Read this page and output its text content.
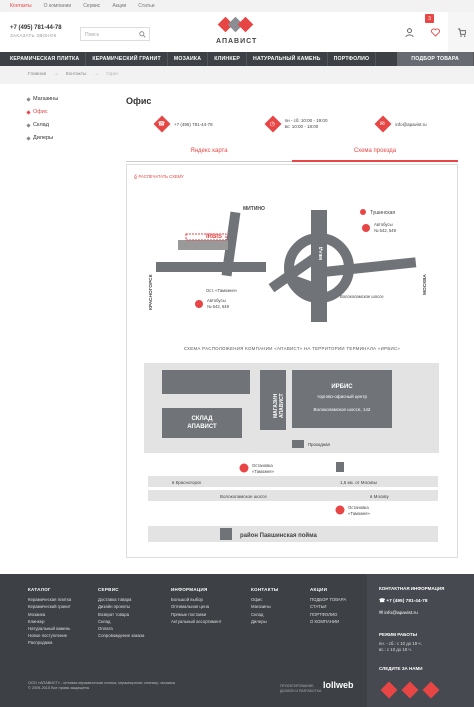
Контакты О компании Сервис Акции Статьи
+7 (495) 781-44-78
ЗАКАЗАТЬ ЗВОНОК	Поиск
АПАВИСТ
3
КЕРАМИЧЕСКАЯ ПЛИТКА	КЕРАМИЧЕСКИЙ ГРАНИТ	МОЗАИКА	КЛИНКЕР	НАТУРАЛЬНЫЙ КАМЕНЬ	ПОРТФОЛИО	ПОДБОР ТОВАРА
Главная → Контакты → Офис
Магазины
Офис
Склад
Дилеры
Офис
☎ +7 (495) 781-44-78	◷
пн - сб: 10:00 - 19:00
вс: 10:00 - 18:00	✉ info@apavist.ru
Яндекс карта	Схема проезда
⎙ РАСПЕЧАТАТЬ СХЕМУ
IRBIS
МИТИНО
Тушинская
Автобусы
№ 542, 549
КРАСНОГОРСК	МОСКВА
МКАД
Ост. «Таможня»
Автобусы
№ 542, 549
Волоколамское шоссе
СХЕМА РАСПОЛОЖЕНИЯ КОМПАНИИ «АПАВИСТ» НА ТЕРРИТОРИИ ТЕРМИНАЛА «ИРБИС»
МАГАЗИН АПАВИСТ
СКЛАД
АПАВИСТ
ИРБИС
торгово-офисный центр
Волоколамское шоссе, 142
Проходная
Остановка
«Таможня»
в Красногорск	1,5 км. от Москвы
Волоколамское шоссе	в Москву
Остановка
«Таможня»
район Павшинская пойма
КАТАЛОГ
Керамическая плитка
Керамический гранит
Мозаика
Клинкер
Натуральный камень
Новое поступление
Распродажа
СЕРВИС
Доставка товара
Дизайн проекты
Возврат товара
Склад
Оплата
Сопровождение заказа
ИНФОРМАЦИЯ
Большой выбор
Оптимальная цена
Прямые поставки
Актуальный ассортимент
КОНТАКТЫ
Офис
Магазины
Склад
Дилеры
АКЦИИ
ПОДБОР ТОВАРА
СТАТЬИ
ПОРТФОЛИО
О КОМПАНИИ
КОНТАКТНАЯ ИНФОРМАЦИЯ
☎ +7 (495) 781-44-78
✉ info@apavist.ru
РЕЖИМ РАБОТЫ
пн. - сб.: с 10 до 19 ч.
вс.: с 10 до 18 ч.
СЛЕДИТЕ ЗА НАМИ
ООО «АПАВИСТ» - оптовая керамическая плитка, керамогранит, клинкер, мозаика
© 2009-2015 Все права защищены	ПРОЕКТИРОВАНИЕ,
ДИЗАЙН И РАЗРАБОТКА
lollweb
